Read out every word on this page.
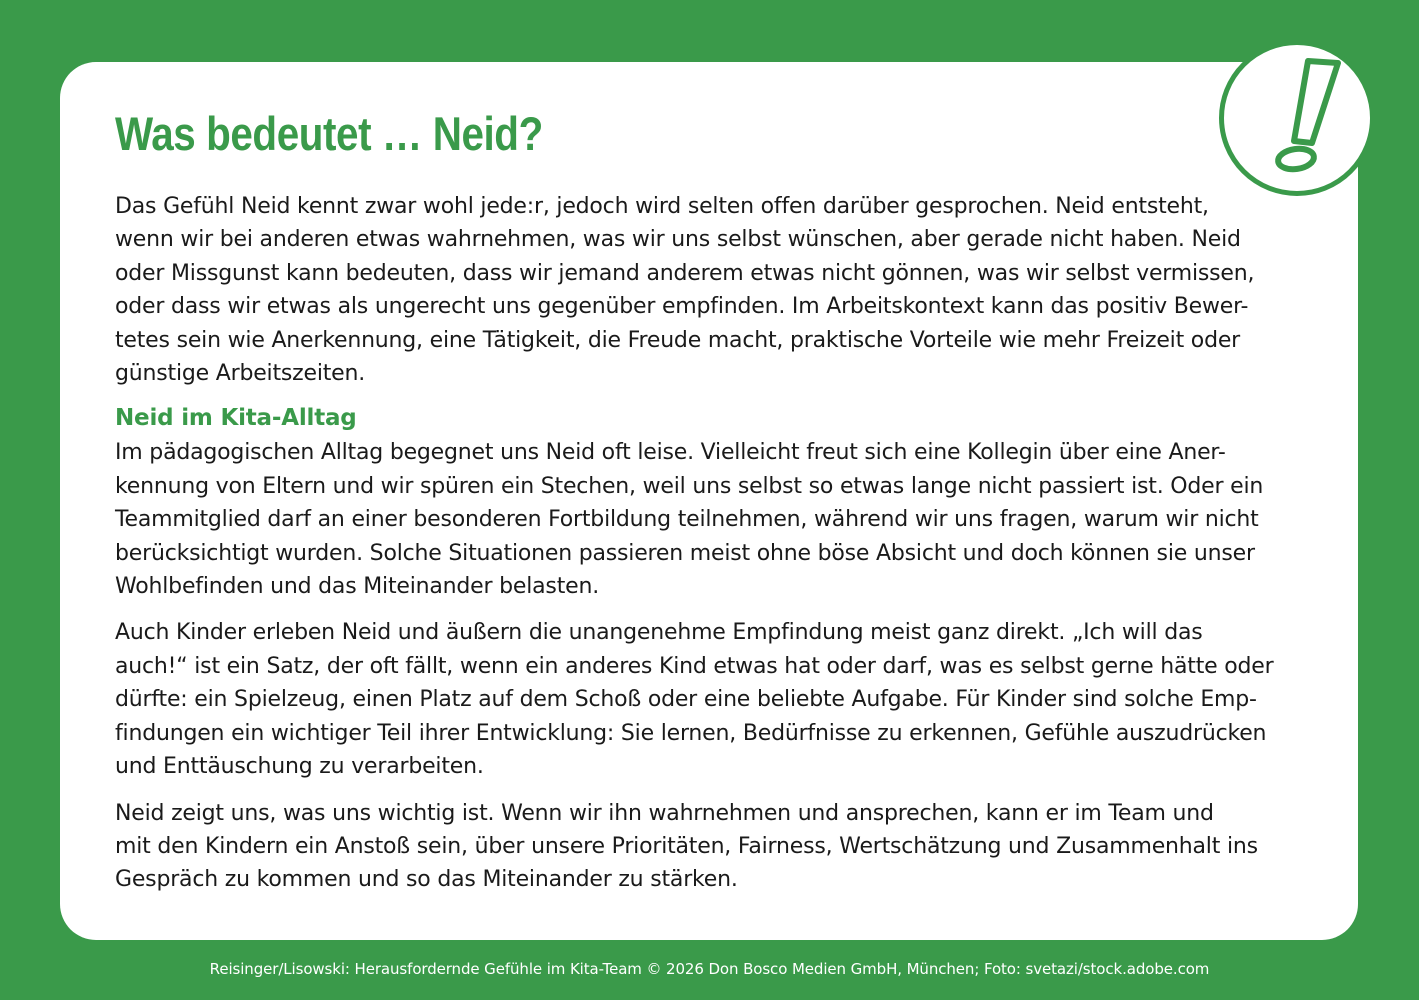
Was bedeutet … Neid?

Das Gefühl Neid kennt zwar wohl jede:r, jedoch wird selten offen darüber gesprochen. Neid entsteht,

wenn wir bei anderen etwas wahrnehmen, was wir uns selbst wünschen, aber gerade nicht haben. Neid

oder Missgunst kann bedeuten, dass wir jemand anderem etwas nicht gönnen, was wir selbst vermissen,

oder dass wir etwas als ungerecht uns gegenüber empfinden. Im Arbeitskontext kann das positiv Bewer-

tetes sein wie Anerkennung, eine Tätigkeit, die Freude macht, praktische Vorteile wie mehr Freizeit oder

günstige Arbeitszeiten.

Neid im Kita-Alltag

Im pädagogischen Alltag begegnet uns Neid oft leise. Vielleicht freut sich eine Kollegin über eine Aner-

kennung von Eltern und wir spüren ein Stechen, weil uns selbst so etwas lange nicht passiert ist. Oder ein

Teammitglied darf an einer besonderen Fortbildung teilnehmen, während wir uns fragen, warum wir nicht

berücksichtigt wurden. Solche Situationen passieren meist ohne böse Absicht und doch können sie unser

Wohlbefinden und das Miteinander belasten.

Auch Kinder erleben Neid und äußern die unangenehme Empfindung meist ganz direkt. „Ich will das

auch!“ ist ein Satz, der oft fällt, wenn ein anderes Kind etwas hat oder darf, was es selbst gerne hätte oder

dürfte: ein Spielzeug, einen Platz auf dem Schoß oder eine beliebte Aufgabe. Für Kinder sind solche Emp-

findungen ein wichtiger Teil ihrer Entwicklung: Sie lernen, Bedürfnisse zu erkennen, Gefühle auszudrücken

und Enttäuschung zu verarbeiten.

Neid zeigt uns, was uns wichtig ist. Wenn wir ihn wahrnehmen und ansprechen, kann er im Team und

mit den Kindern ein Anstoß sein, über unsere Prioritäten, Fairness, Wertschätzung und Zusammenhalt ins

Gespräch zu kommen und so das Miteinander zu stärken.

Reisinger/Lisowski: Herausfordernde Gefühle im Kita-Team © 2026 Don Bosco Medien GmbH, München; Foto: svetazi/stock.adobe.com
